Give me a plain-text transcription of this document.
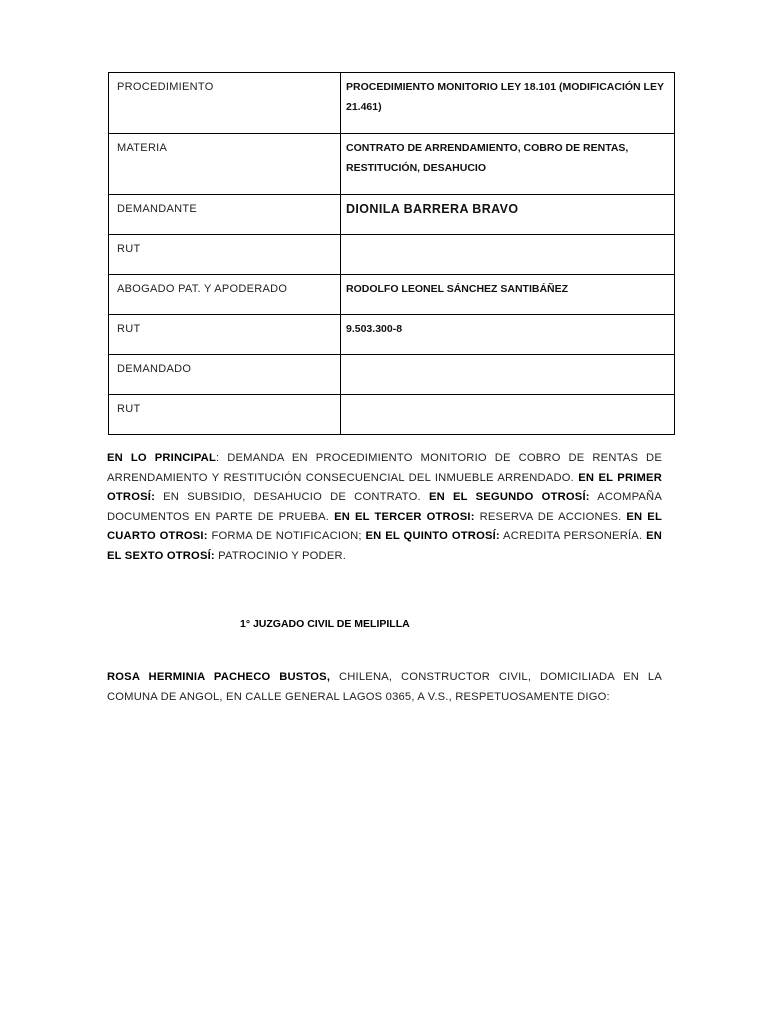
PROCEDIMIENTO	PROCEDIMIENTO MONITORIO LEY 18.101 (MODIFICACIÓN LEY 21.461)
MATERIA	CONTRATO DE ARRENDAMIENTO, COBRO DE RENTAS, RESTITUCIÓN, DESAHUCIO
DEMANDANTE	DIONILA BARRERA BRAVO
RUT	
ABOGADO PAT. Y APODERADO	RODOLFO LEONEL SÁNCHEZ SANTIBÁÑEZ
RUT	9.503.300-8
DEMANDADO	
RUT	
EN LO PRINCIPAL: DEMANDA EN PROCEDIMIENTO MONITORIO DE COBRO DE RENTAS DE ARRENDAMIENTO Y RESTITUCIÓN CONSECUENCIAL DEL INMUEBLE ARRENDADO. EN EL PRIMER OTROSÍ: EN SUBSIDIO, DESAHUCIO DE CONTRATO. EN EL SEGUNDO OTROSÍ: ACOMPAÑA DOCUMENTOS EN PARTE DE PRUEBA. EN EL TERCER OTROSI: RESERVA DE ACCIONES. EN EL CUARTO OTROSI: FORMA DE NOTIFICACION; EN EL QUINTO OTROSÍ: ACREDITA PERSONERÍA. EN EL SEXTO OTROSÍ: PATROCINIO Y PODER.
1° JUZGADO CIVIL DE MELIPILLA
ROSA HERMINIA PACHECO BUSTOS, CHILENA, CONSTRUCTOR CIVIL, DOMICILIADA EN LA COMUNA DE ANGOL, EN CALLE GENERAL LAGOS 0365, A V.S., RESPETUOSAMENTE DIGO:
